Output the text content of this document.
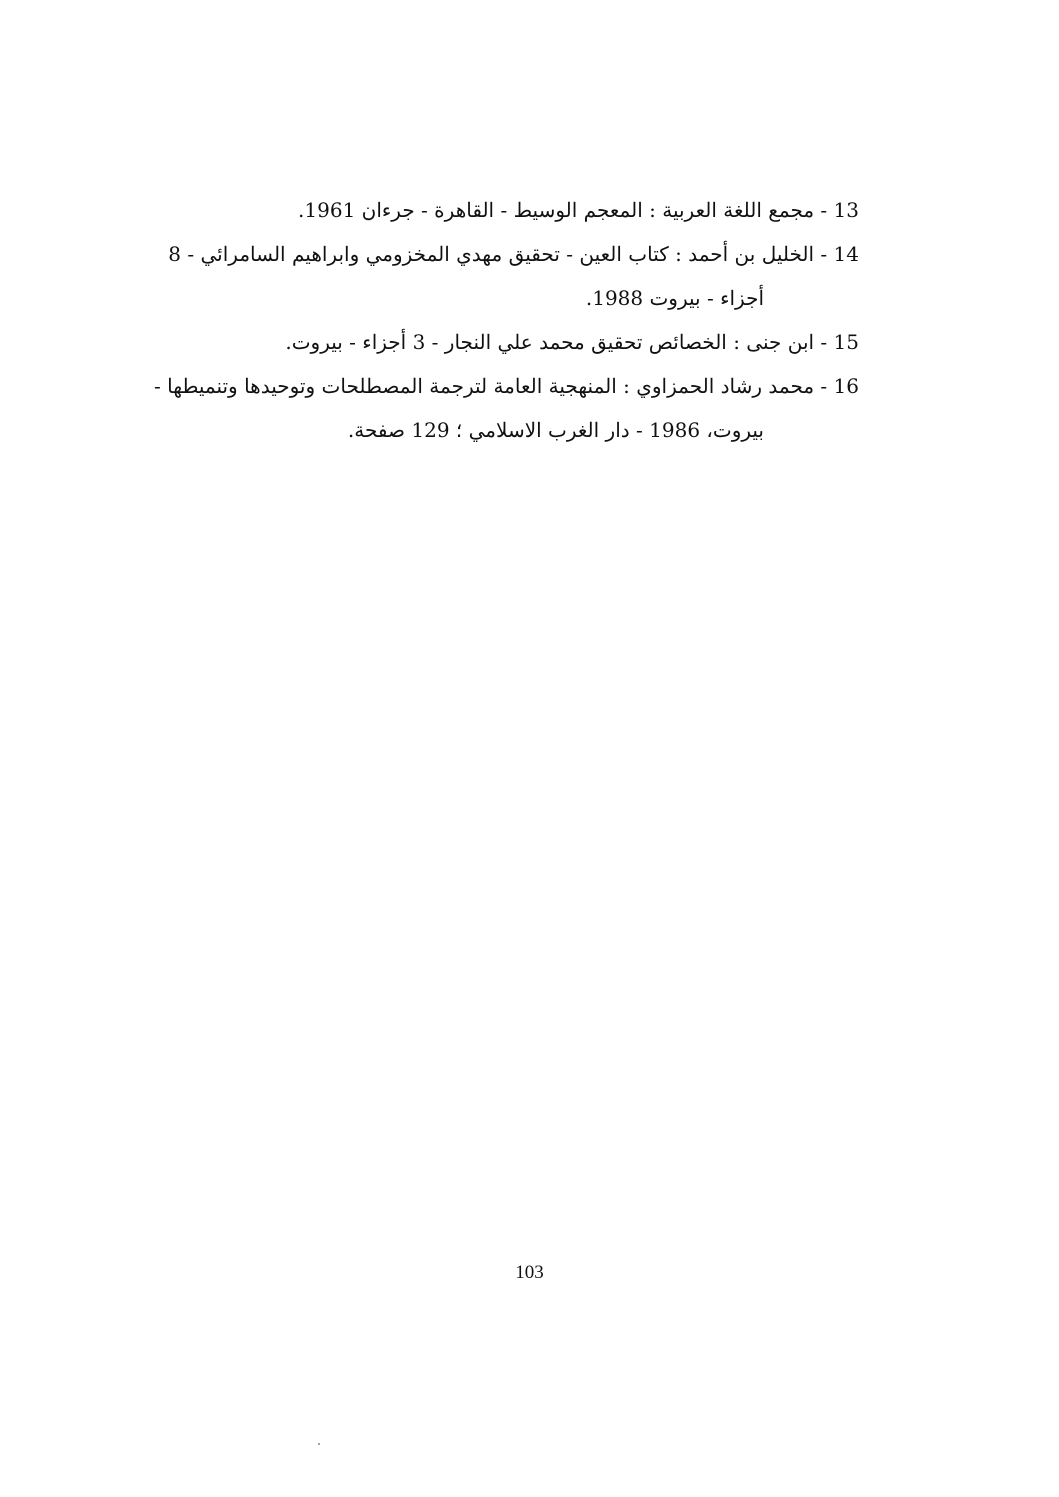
13 - مجمع اللغة العربية : المعجم الوسيط - القاهرة - جرءان 1961.

14 - الخليل بن أحمد : كتاب العين - تحقيق مهدي المخزومي وابراهيم السامرائي - 8
أجزاء - بيروت 1988.

15 - ابن جنى : الخصائص تحقيق محمد علي النجار - 3 أجزاء - بيروت.

16 - محمد رشاد الحمزاوي : المنهجية العامة لترجمة المصطلحات وتوحيدها وتنميطها -
بيروت، 1986 - دار الغرب الاسلامي ؛ 129 صفحة.

103
